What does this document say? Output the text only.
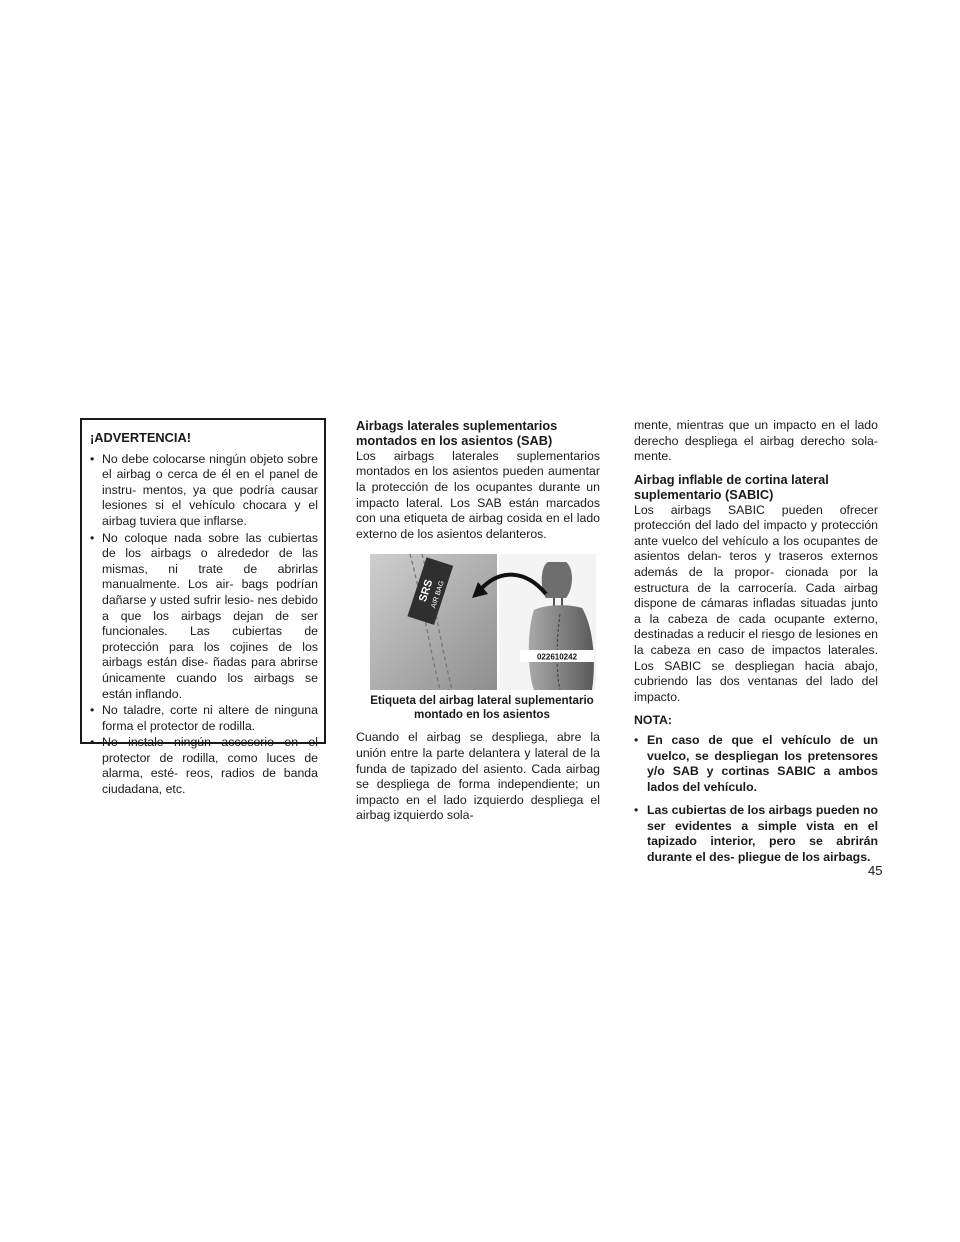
¡ADVERTENCIA!
• No debe colocarse ningún objeto sobre el airbag o cerca de él en el panel de instru- mentos, ya que podría causar lesiones si el vehículo chocara y el airbag tuviera que inflarse.
• No coloque nada sobre las cubiertas de los airbags o alrededor de las mismas, ni trate de abrirlas manualmente. Los air- bags podrían dañarse y usted sufrir lesio- nes debido a que los airbags dejan de ser funcionales. Las cubiertas de protección para los cojines de los airbags están dise- ñadas para abrirse únicamente cuando los airbags se están inflando.
• No taladre, corte ni altere de ninguna forma el protector de rodilla.
• No instale ningún accesorio en el protector de rodilla, como luces de alarma, esté- reos, radios de banda ciudadana, etc.
Airbags laterales suplementarios
montados en los asientos (SAB)

Los airbags laterales suplementarios montados en los asientos pueden aumentar la protección de los ocupantes durante un impacto lateral. Los SAB están marcados con una etiqueta de airbag cosida en el lado externo de los asientos delanteros.

SRS
AIR BAG
022610242
Etiqueta del airbag lateral suplementario
montado en los asientos

Cuando el airbag se despliega, abre la unión entre la parte delantera y lateral de la funda de tapizado del asiento. Cada airbag se despliega de forma independiente; un impacto en el lado izquierdo despliega el airbag izquierdo sola-

mente, mientras que un impacto en el lado derecho despliega el airbag derecho sola- mente.

Airbag inflable de cortina lateral
suplementario (SABIC)

Los airbags SABIC pueden ofrecer protección del lado del impacto y protección ante vuelco del vehículo a los ocupantes de asientos delan- teros y traseros externos además de la propor- cionada por la estructura de la carrocería. Cada airbag dispone de cámaras infladas situadas junto a la cabeza de cada ocupante externo, destinadas a reducir el riesgo de lesiones en la cabeza en caso de impactos laterales. Los SABIC se despliegan hacia abajo, cubriendo las dos ventanas del lado del impacto.

NOTA:
• En caso de que el vehículo de un vuelco, se despliegan los pretensores y/o SAB y cortinas SABIC a ambos lados del vehículo.
• Las cubiertas de los airbags pueden no ser evidentes a simple vista en el tapizado interior, pero se abrirán durante el des- pliegue de los airbags.
45
